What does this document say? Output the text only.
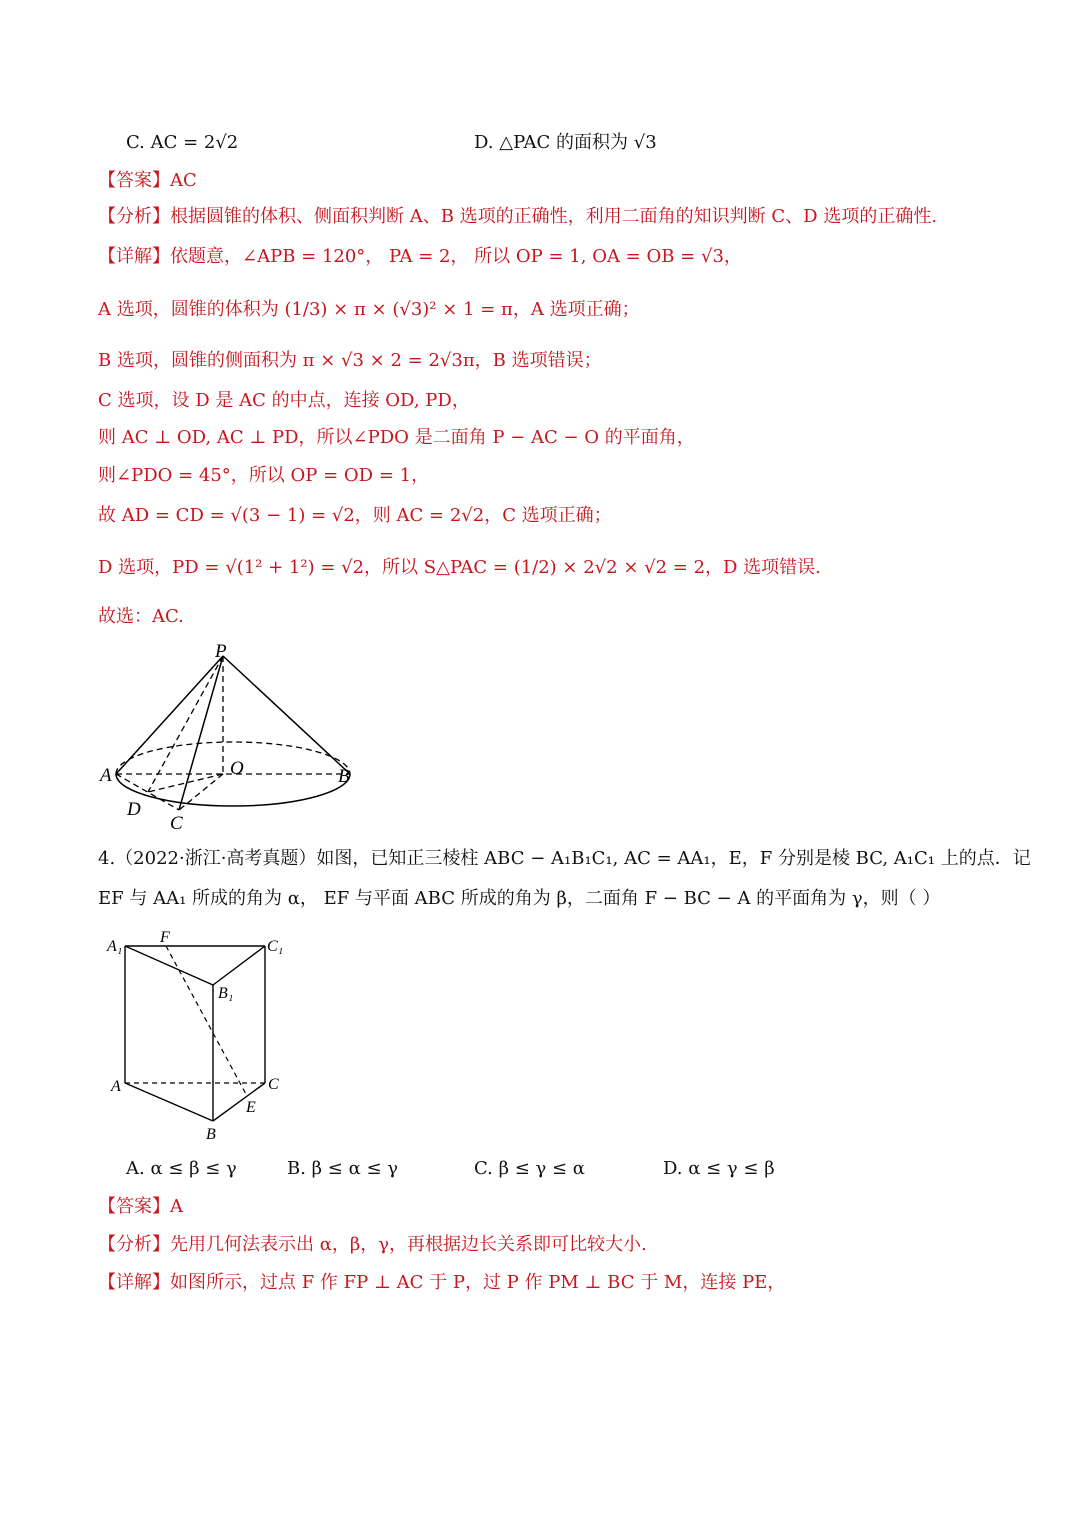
C. AC = 2√2	D. △PAC 的面积为 √3
【答案】AC
【分析】根据圆锥的体积、侧面积判断 A、B 选项的正确性，利用二面角的知识判断 C、D 选项的正确性.
【详解】依题意，∠APB = 120°， PA = 2， 所以 OP = 1, OA = OB = √3，
A 选项，圆锥的体积为 (1/3) × π × (√3)² × 1 = π，A 选项正确；
B 选项，圆锥的侧面积为 π × √3 × 2 = 2√3π，B 选项错误；
C 选项，设 D 是 AC 的中点，连接 OD, PD，
则 AC ⊥ OD, AC ⊥ PD，所以∠PDO 是二面角 P − AC − O 的平面角，
则∠PDO = 45°，所以 OP = OD = 1，
故 AD = CD = √(3 − 1) = √2，则 AC = 2√2，C 选项正确；
D 选项，PD = √(1² + 1²) = √2，所以 S△PAC = (1/2) × 2√2 × √2 = 2，D 选项错误.
故选：AC.
P
A	O	B
D
C
4.（2022·浙江·高考真题）如图，已知正三棱柱 ABC − A₁B₁C₁, AC = AA₁，E，F 分别是棱 BC, A₁C₁ 上的点．记
EF 与 AA₁ 所成的角为 α， EF 与平面 ABC 所成的角为 β，二面角 F − BC − A 的平面角为 γ，则（ ）
A₁
F
C₁
B₁
A	C
E
B
A. α ≤ β ≤ γ	B. β ≤ α ≤ γ	C. β ≤ γ ≤ α	D. α ≤ γ ≤ β
【答案】A
【分析】先用几何法表示出 α，β，γ，再根据边长关系即可比较大小.
【详解】如图所示，过点 F 作 FP ⊥ AC 于 P，过 P 作 PM ⊥ BC 于 M，连接 PE，
